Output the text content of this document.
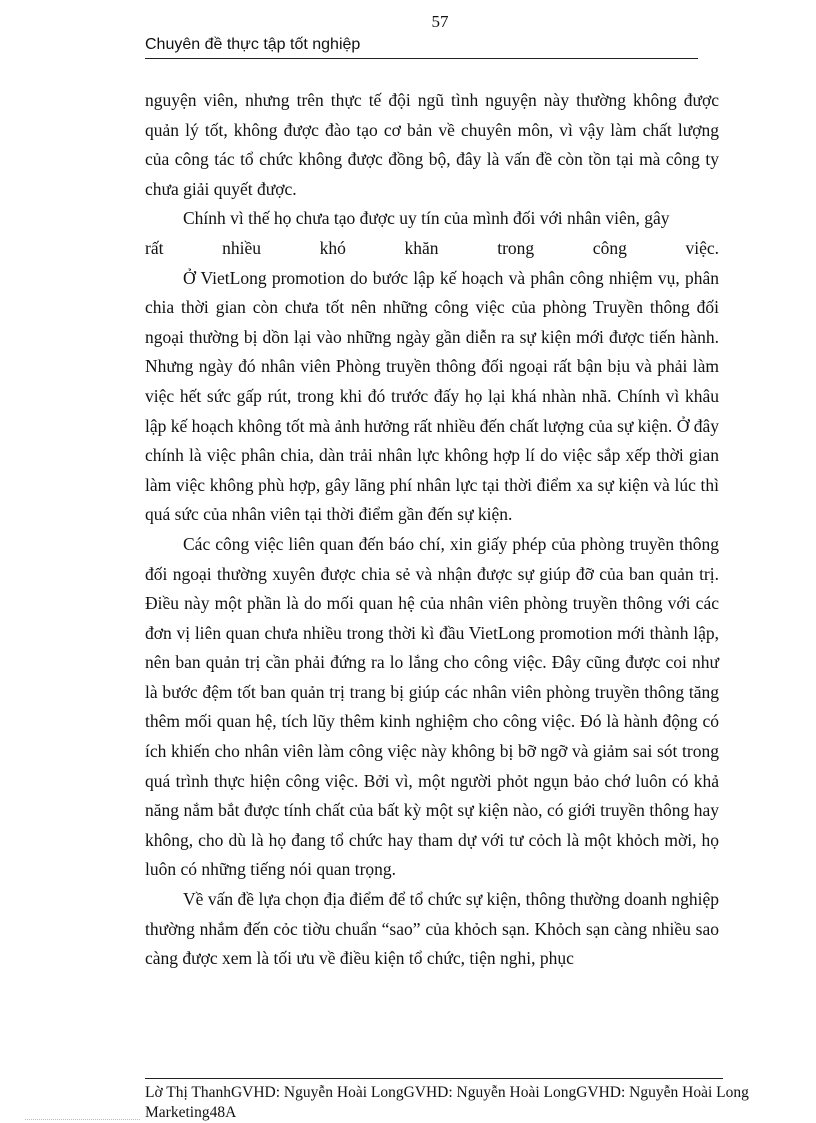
57
Chuyên đề thực tập tốt nghiệp

nguyện viên, nhưng trên thực tế đội ngũ tình nguyện này thường không được quản lý tốt, không được đào tạo cơ bản về chuyên môn, vì vậy làm chất lượng của công tác tổ chức không được đồng bộ, đây là vấn đề còn tồn tại mà công ty chưa giải quyết được.

Chính vì thế họ chưa tạo được uy tín của mình đối với nhân viên, gây

rất	nhiều	khó	khăn	trong	công	việc.

Ở VietLong promotion do bước lập kế hoạch và phân công nhiệm vụ, phân chia thời gian còn chưa tốt nên những công việc của phòng Truyền thông đối ngoại thường bị dồn lại vào những ngày gần diễn ra sự kiện mới được tiến hành. Nhưng ngày đó nhân viên Phòng truyền thông đối ngoại rất bận bịu và phải làm việc hết sức gấp rút, trong khi đó trước đấy họ lại khá nhàn nhã. Chính vì khâu lập kế hoạch không tốt mà ảnh hưởng rất nhiều đến chất lượng của sự kiện. Ở đây chính là việc phân chia, dàn trải nhân lực không hợp lí do việc sắp xếp thời gian làm việc không phù hợp, gây lãng phí nhân lực tại thời điểm xa sự kiện và lúc thì quá sức của nhân viên tại thời điểm gần đến sự kiện.

Các công việc liên quan đến báo chí, xin giấy phép của phòng truyền thông đối ngoại thường xuyên được chia sẻ và nhận được sự giúp đỡ của ban quản trị. Điều này một phần là do mối quan hệ của nhân viên phòng truyền thông với các đơn vị liên quan chưa nhiều trong thời kì đầu VietLong promotion mới thành lập, nên ban quản trị cần phải đứng ra lo lắng cho công việc. Đây cũng được coi như là bước đệm tốt ban quản trị trang bị giúp các nhân viên phòng truyền thông tăng thêm mối quan hệ, tích lũy thêm kinh nghiệm cho công việc. Đó là hành động có ích khiến cho nhân viên làm công việc này không bị bỡ ngỡ và giảm sai sót trong quá trình thực hiện công việc. Bởi vì, một người phỏt ngụn bảo chớ luôn có khả năng nắm bắt được tính chất của bất kỳ một sự kiện nào, có giới truyền thông hay không, cho dù là họ đang tổ chức hay tham dự với tư cỏch là một khỏch mời, họ luôn có những tiếng nói quan trọng.

Về vấn đề lựa chọn địa điểm để tổ chức sự kiện, thông thường doanh nghiệp thường nhắm đến cỏc tiờu chuẩn “sao” của khỏch sạn. Khỏch sạn càng nhiều sao càng được xem là tối ưu về điều kiện tổ chức, tiện nghi, phục

Lờ Thị ThanhGVHD: Nguyễn Hoài LongGVHD: Nguyễn Hoài LongGVHD: Nguyễn Hoài Long
Marketing48A
